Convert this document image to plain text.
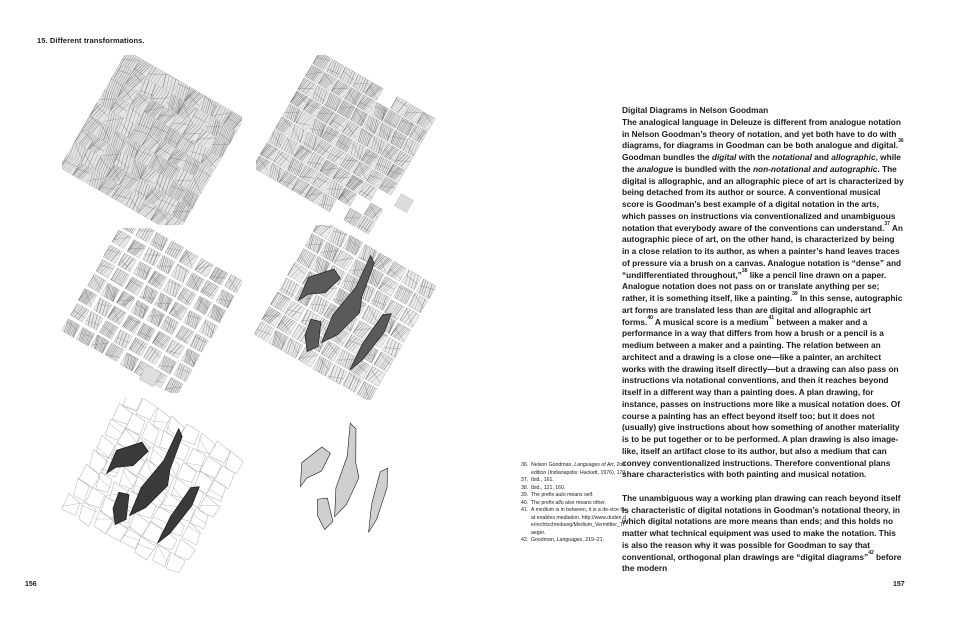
15. Different transformations.
36. Nelson Goodman, Languages of Art, 2nd edition (Indianapolis: Hackett, 1976), 170.
37. Ibid., 161.
38. Ibid., 121, 160.
39. The prefix auto means self.
40. The prefix allo also means other.
41. A medium is in between, it is a de-vice that enables mediation. http://www.duden.de/rechtschreibung/Medium_Vermittler_Traeger.
42. Goodman, Languages, 219–21.

Digital Diagrams in Nelson Goodman

The analogical language in Deleuze is different from analogue notation in Nelson Goodman’s theory of notation, and yet both have to do with diagrams, for diagrams in Goodman can be both analogue and digital.$^{36}$ Goodman bundles the digital with the notational and allographic, while the analogue is bundled with the non-notational and autographic. The digital is allographic, and an allographic piece of art is characterized by being detached from its author or source. A conventional musical score is Goodman’s best example of a digital notation in the arts, which passes on instructions via conventionalized and unambiguous notation that everybody aware of the conventions can understand.$^{37}$ An autographic piece of art, on the other hand, is characterized by being in a close relation to its author, as when a painter’s hand leaves traces of pressure via a brush on a canvas. Analogue notation is “dense” and “undifferentiated throughout,”$^{38}$ like a pencil line drawn on a paper. Analogue notation does not pass on or translate anything per se; rather, it is something itself, like a painting.$^{39}$ In this sense, autographic art forms are translated less than are digital and allographic art forms.$^{40}$ A musical score is a medium$^{41}$ between a maker and a performance in a way that differs from how a brush or a pencil is a medium between a maker and a painting. The relation between an architect and a drawing is a close one—like a painter, an architect works with the drawing itself directly—but a drawing can also pass on instructions via notational conventions, and then it reaches beyond itself in a different way than a painting does. A plan drawing, for instance, passes on instructions more like a musical notation does. Of course a painting has an effect beyond itself too; but it does not (usually) give instructions about how something of another materiality is to be put together or to be performed. A plan drawing is also image-like, itself an artifact close to its author, but also a medium that can convey conventionalized instructions. Therefore conventional plans share characteristics with both painting and musical notation.

The unambiguous way a working plan drawing can reach beyond itself is characteristic of digital notations in Goodman’s notational theory, in which digital notations are more means than ends; and this holds no matter what technical equipment was used to make the notation. This is also the reason why it was possible for Goodman to say that conventional, orthogonal plan drawings are “digital diagrams”$^{42}$ before the modern

156	157
